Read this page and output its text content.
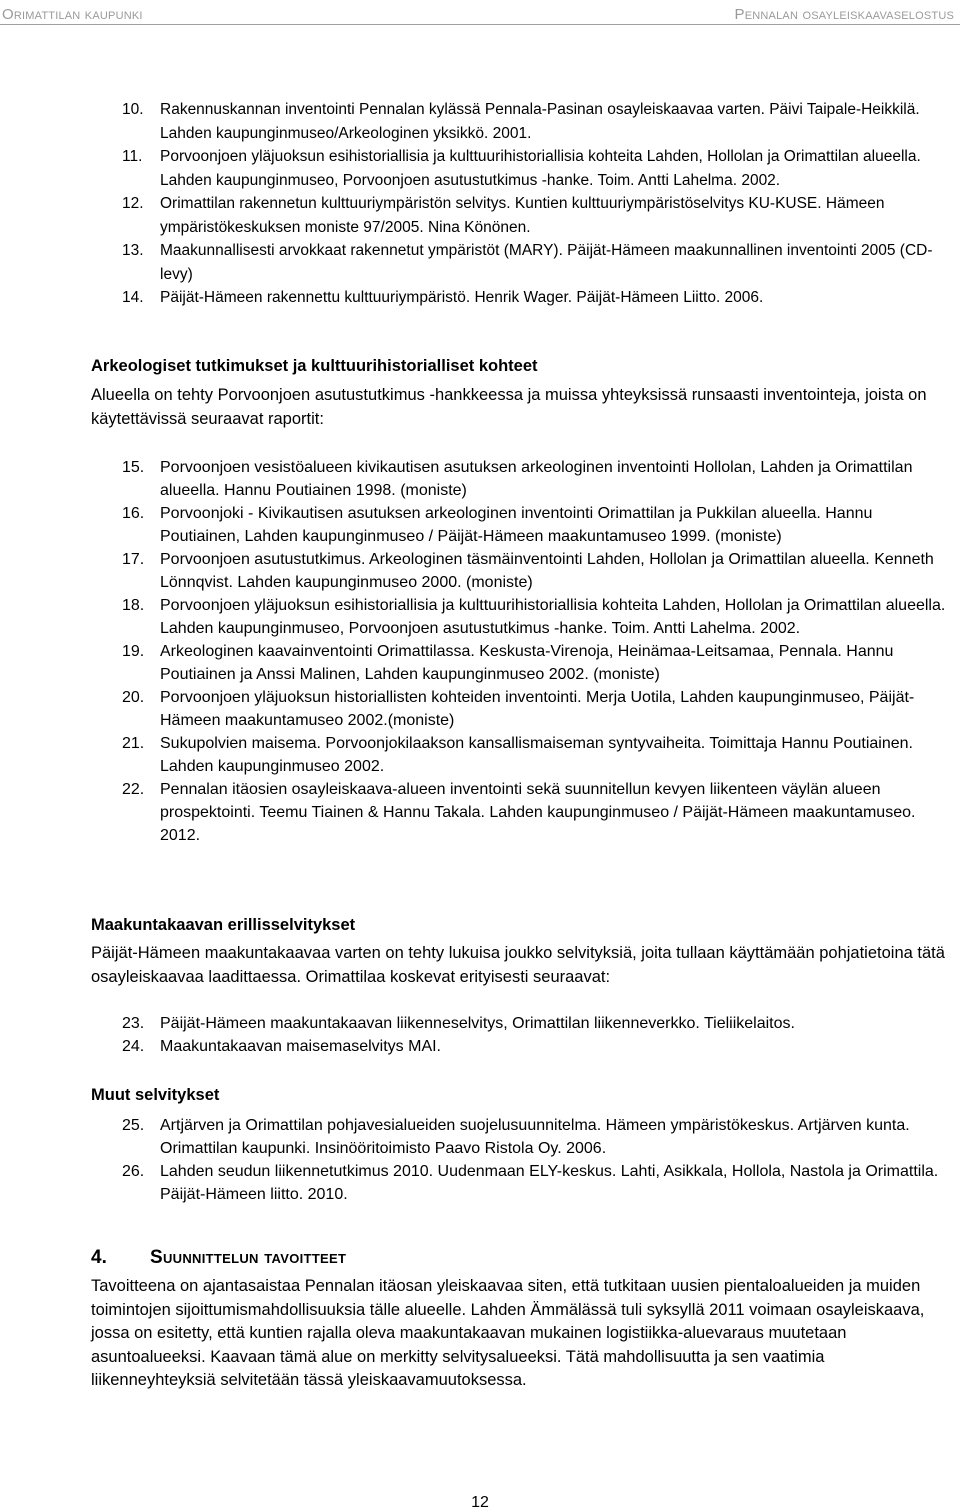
Orimattilan kaupunki	Pennalan osayleiskaavaselostus
10. Rakennuskannan inventointi Pennalan kylässä Pennala-Pasinan osayleiskaavaa varten. Päivi Taipale-Heikkilä. Lahden kaupunginmuseo/Arkeologinen yksikkö. 2001.
11. Porvoonjoen yläjuoksun esihistoriallisia ja kulttuurihistoriallisia kohteita Lahden, Hollolan ja Orimattilan alueella. Lahden kaupunginmuseo, Porvoonjoen asutustutkimus -hanke. Toim. Antti Lahelma. 2002.
12. Orimattilan rakennetun kulttuuriympäristön selvitys. Kuntien kulttuuriympäristöselvitys KU-KUSE. Hämeen ympäristökeskuksen moniste 97/2005. Nina Könönen.
13. Maakunnallisesti arvokkaat rakennetut ympäristöt (MARY). Päijät-Hämeen maakunnallinen inventointi 2005 (CD-levy)
14. Päijät-Hämeen rakennettu kulttuuriympäristö. Henrik Wager. Päijät-Hämeen Liitto. 2006.
Arkeologiset tutkimukset ja kulttuurihistorialliset kohteet

Alueella on tehty Porvoonjoen asutustutkimus -hankkeessa ja muissa yhteyksissä runsaasti inventointeja, joista on käytettävissä seuraavat raportit:

15. Porvoonjoen vesistöalueen kivikautisen asutuksen arkeologinen inventointi Hollolan, Lahden ja Orimattilan alueella. Hannu Poutiainen 1998. (moniste)
16. Porvoonjoki - Kivikautisen asutuksen arkeologinen inventointi Orimattilan ja Pukkilan alueella. Hannu Poutiainen, Lahden kaupunginmuseo / Päijät-Hämeen maakuntamuseo 1999. (moniste)
17. Porvoonjoen asutustutkimus. Arkeologinen täsmäinventointi Lahden, Hollolan ja Orimattilan alueella. Kenneth Lönnqvist. Lahden kaupunginmuseo 2000. (moniste)
18. Porvoonjoen yläjuoksun esihistoriallisia ja kulttuurihistoriallisia kohteita Lahden, Hollolan ja Orimattilan alueella. Lahden kaupunginmuseo, Porvoonjoen asutustutkimus -hanke. Toim. Antti Lahelma. 2002.
19. Arkeologinen kaavainventointi Orimattilassa. Keskusta-Virenoja, Heinämaa-Leitsamaa, Pennala. Hannu Poutiainen ja Anssi Malinen, Lahden kaupunginmuseo 2002. (moniste)
20. Porvoonjoen yläjuoksun historiallisten kohteiden inventointi. Merja Uotila, Lahden kaupunginmuseo, Päijät-Hämeen maakuntamuseo 2002.(moniste)
21. Sukupolvien maisema. Porvoonjokilaakson kansallismaiseman syntyvaiheita. Toimittaja Hannu Poutiainen. Lahden kaupunginmuseo 2002.
22. Pennalan itäosien osayleiskaava-alueen inventointi sekä suunnitellun kevyen liikenteen väylän alueen prospektointi. Teemu Tiainen & Hannu Takala. Lahden kaupunginmuseo / Päijät-Hämeen maakuntamuseo. 2012.
Maakuntakaavan erillisselvitykset

Päijät-Hämeen maakuntakaavaa varten on tehty lukuisa joukko selvityksiä, joita tullaan käyttämään pohjatietoina tätä osayleiskaavaa laadittaessa. Orimattilaa koskevat erityisesti seuraavat:

23. Päijät-Hämeen maakuntakaavan liikenneselvitys, Orimattilan liikenneverkko. Tieliikelaitos.
24. Maakuntakaavan maisemaselvitys MAI.
Muut selvitykset
25. Artjärven ja Orimattilan pohjavesialueiden suojelusuunnitelma. Hämeen ympäristökeskus. Artjärven kunta. Orimattilan kaupunki. Insinööritoimisto Paavo Ristola Oy. 2006.
26. Lahden seudun liikennetutkimus 2010. Uudenmaan ELY-keskus. Lahti, Asikkala, Hollola, Nastola ja Orimattila. Päijät-Hämeen liitto. 2010.
4. Suunnittelun tavoitteet

Tavoitteena on ajantasaistaa Pennalan itäosan yleiskaavaa siten, että tutkitaan uusien pientaloalueiden ja muiden toimintojen sijoittumismahdollisuuksia tälle alueelle. Lahden Ämmälässä tuli syksyllä 2011 voimaan osayleiskaava, jossa on esitetty, että kuntien rajalla oleva maakuntakaavan mukainen logistiikka-aluevaraus muutetaan asuntoalueeksi. Kaavaan tämä alue on merkitty selvitysalueeksi. Tätä mahdollisuutta ja sen vaatimia liikenneyhteyksiä selvitetään tässä yleiskaavamuutoksessa.

12
